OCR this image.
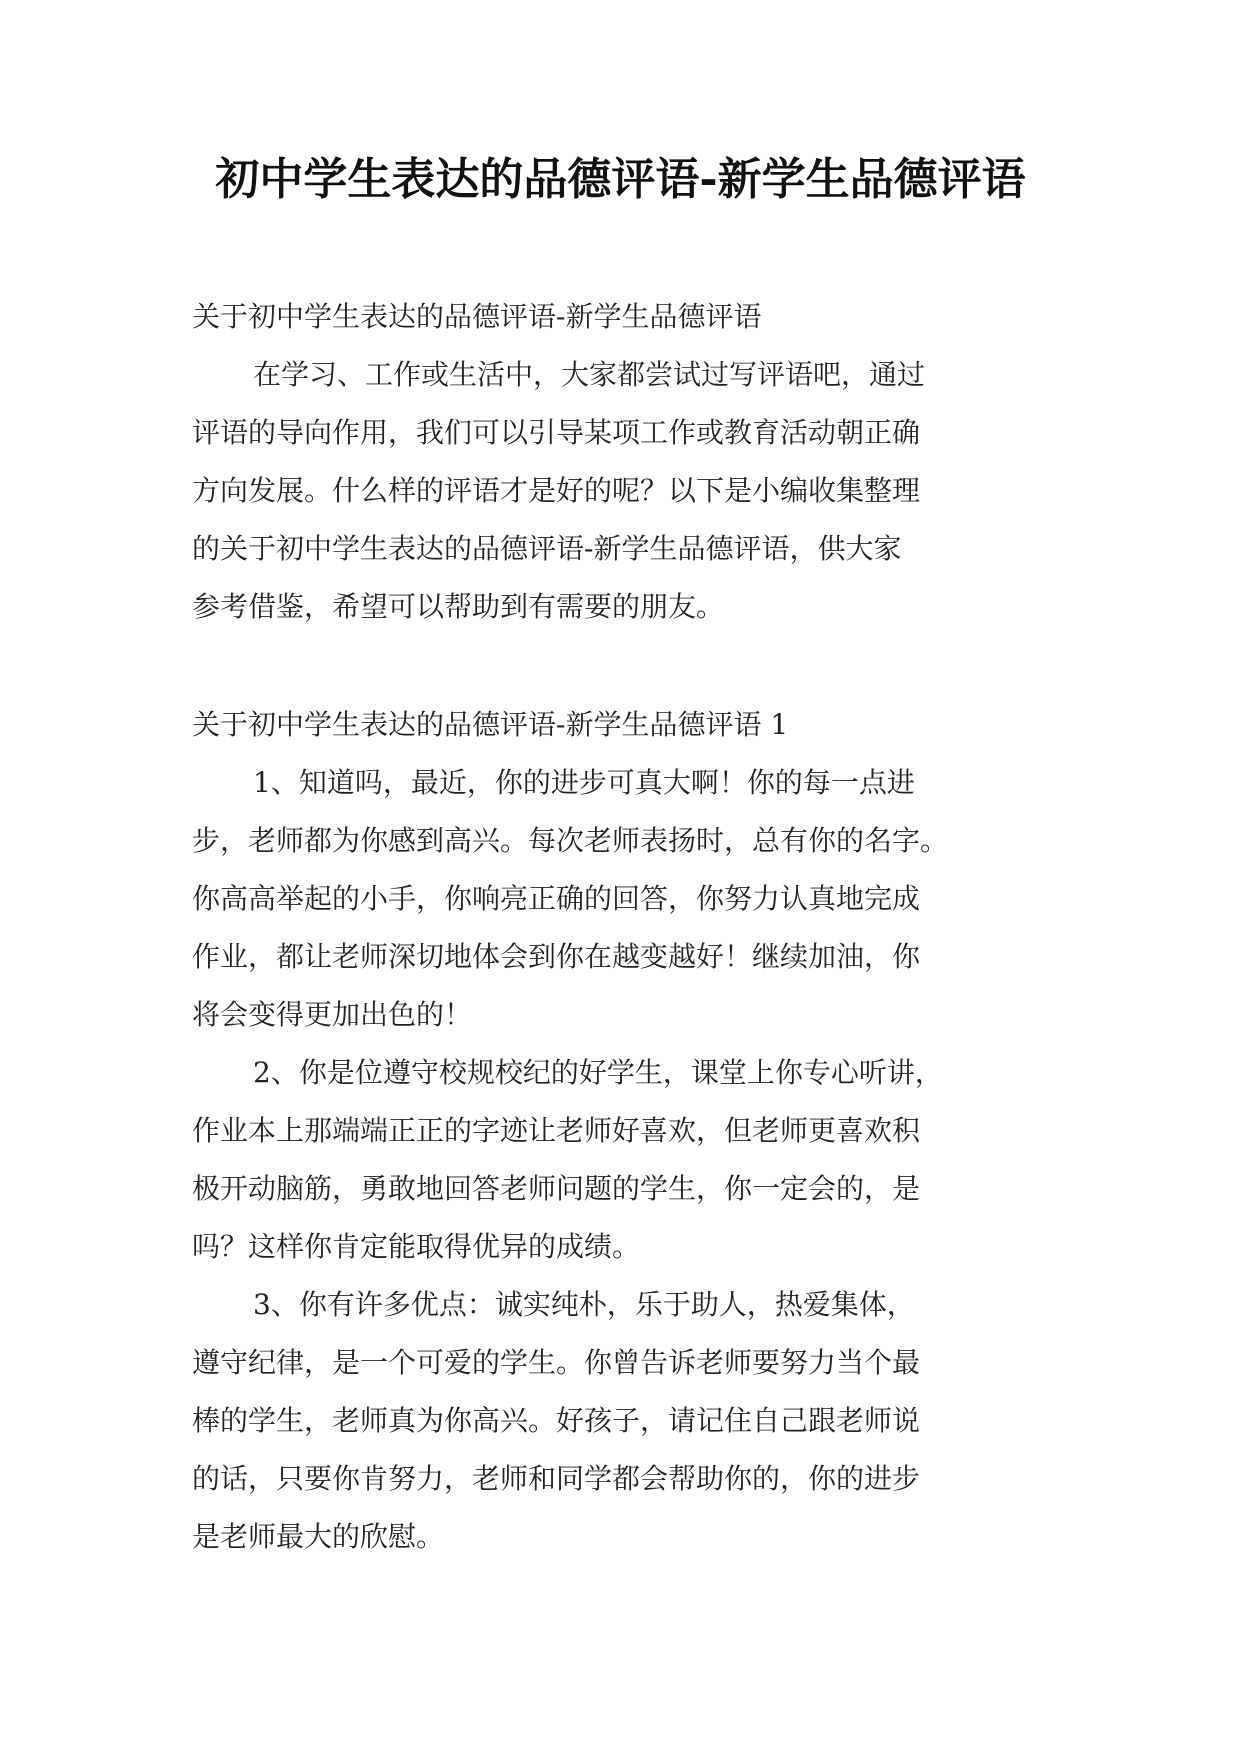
初中学生表达的品德评语-新学生品德评语
关于初中学生表达的品德评语-新学生品德评语
在学习、工作或生活中，大家都尝试过写评语吧，通过
评语的导向作用，我们可以引导某项工作或教育活动朝正确
方向发展。什么样的评语才是好的呢？以下是小编收集整理
的关于初中学生表达的品德评语-新学生品德评语，供大家
参考借鉴，希望可以帮助到有需要的朋友。
关于初中学生表达的品德评语-新学生品德评语 1
1、知道吗，最近，你的进步可真大啊！你的每一点进
步，老师都为你感到高兴。每次老师表扬时，总有你的名字。
你高高举起的小手，你响亮正确的回答，你努力认真地完成
作业，都让老师深切地体会到你在越变越好！继续加油，你
将会变得更加出色的！
2、你是位遵守校规校纪的好学生，课堂上你专心听讲，
作业本上那端端正正的字迹让老师好喜欢，但老师更喜欢积
极开动脑筋，勇敢地回答老师问题的学生，你一定会的，是
吗？这样你肯定能取得优异的成绩。
3、你有许多优点：诚实纯朴，乐于助人，热爱集体，
遵守纪律，是一个可爱的学生。你曾告诉老师要努力当个最
棒的学生，老师真为你高兴。好孩子，请记住自己跟老师说
的话，只要你肯努力，老师和同学都会帮助你的，你的进步
是老师最大的欣慰。
